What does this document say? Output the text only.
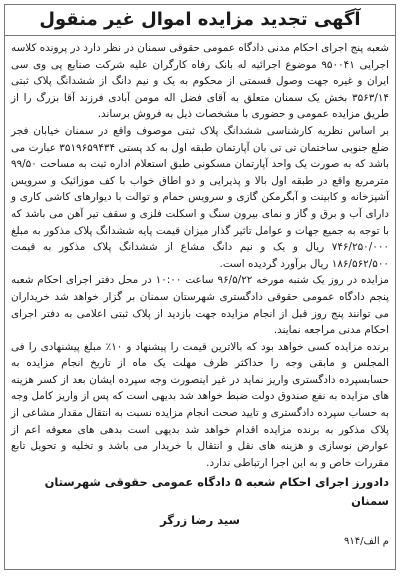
آگهی تجدید مزایده اموال غیر منقول

شعبه پنج اجرای احکام مدنی دادگاه عمومی حقوقی سمنان در نظر دارد در پرونده کلاسه اجرایی ۹۵۰۰۴۱ موضوع اجرائیه له بانک رفاه کارگران علیه شرکت صنایع پی وی سی ایران و غیره جهت وصول قسمتی از محکوم به یک و نیم دانگ از ششدانگ پلاک ثبتی ۳۵۶۳/۱۴ بخش یک سمنان متعلق به آقای فضل اله مومن آبادی فرزند آقا بزرگ را از طریق مزایده عمومی و حضوری با مشخصات ذیل به فروش برساند.

بر اساس نظریه کارشناسی ششدانگ پلاک ثبتی موصوف واقع در سمنان خیابان فجر ضلع جنوبی ساختمان تی تی بان آپارتمان طبقه اول به کد پستی ۳۵۱۹۶۵۹۴۳۴ عبارت می باشد که به صورت یک واحد آپارتمان مسکونی طبق استعلام اداره ثبت به مساحت ۹۹/۵۰ مترمربع واقع در طبقه اول بالا و پذیرایی و دو اطاق خواب با کف موزائیک و سرویس آشپزخانه و کابینت و آبگرمکن گازی و سرویس حمام و توالت با دیوارهای کاشی کاری و دارای آب و برق و گاز و نمای بیرون سنگ و اسکلت فلزی و سقف تیر آهن می باشد که با توجه به جمیع جهات و عوامل تاثیر گذار میزان قیمت پایه ششدانگ پلاک مذکور به مبلغ ۷۴۶/۲۵۰/۰۰۰ ریال و یک و نیم دانگ مشاع از ششدانگ پلاک مذکور به قیمت ۱۸۶/۵۶۲/۵۰۰ ریال برآورد گردیده است.

مزایده در روز یک شنبه مورخه ۹۶/۵/۲۲ ساعت ۱۰:۰۰ در محل دفتر اجرای احکام شعبه پنجم دادگاه عمومی حقوقی دادگستری شهرستان سمنان بر گزار خواهد شد خریداران می توانند پنج روز قبل از انجام مزایده جهت بازدید از پلاک ثبتی اعلامی به دفتر اجرای احکام مدنی مراجعه نمایند.

برنده مزایده کسی خواهد بود که بالاترین قیمت را پیشنهاد و ۱۰٪ مبلغ پیشنهادی را فی المجلس و مابقی وجه را حداکثر ظرف مهلت یک ماه از تاریخ انجام مزایده به حسابسپرده دادگستری واریز نماید در غیر اینصورت وجه سپرده ایشان بعد از کسر هزینه های مزایده به نفع صندوق دولت ضبط خواهد شد بدیهی است که پس از واریز کامل وجه به حساب سپرده دادگستری و تایید صحت انجام مزایده نسبت به انتقال مقدار مشاعی از پلاک مذکور به برنده مزایده اقدام خواهد شد بدیهی است بدهی های معوقه اعم از عوارض نوسازی و هزینه های نقل و انتقال با خریدار می باشد و تخلیه و تحویل تابع مقررات خاص و به این اجرا ارتباطی ندارد.

دادورز اجرای احکام شعبه ۵ دادگاه عمومی حقوقی شهرستان سمنان
سید رضا زرگر
م الف/۹۱۴
